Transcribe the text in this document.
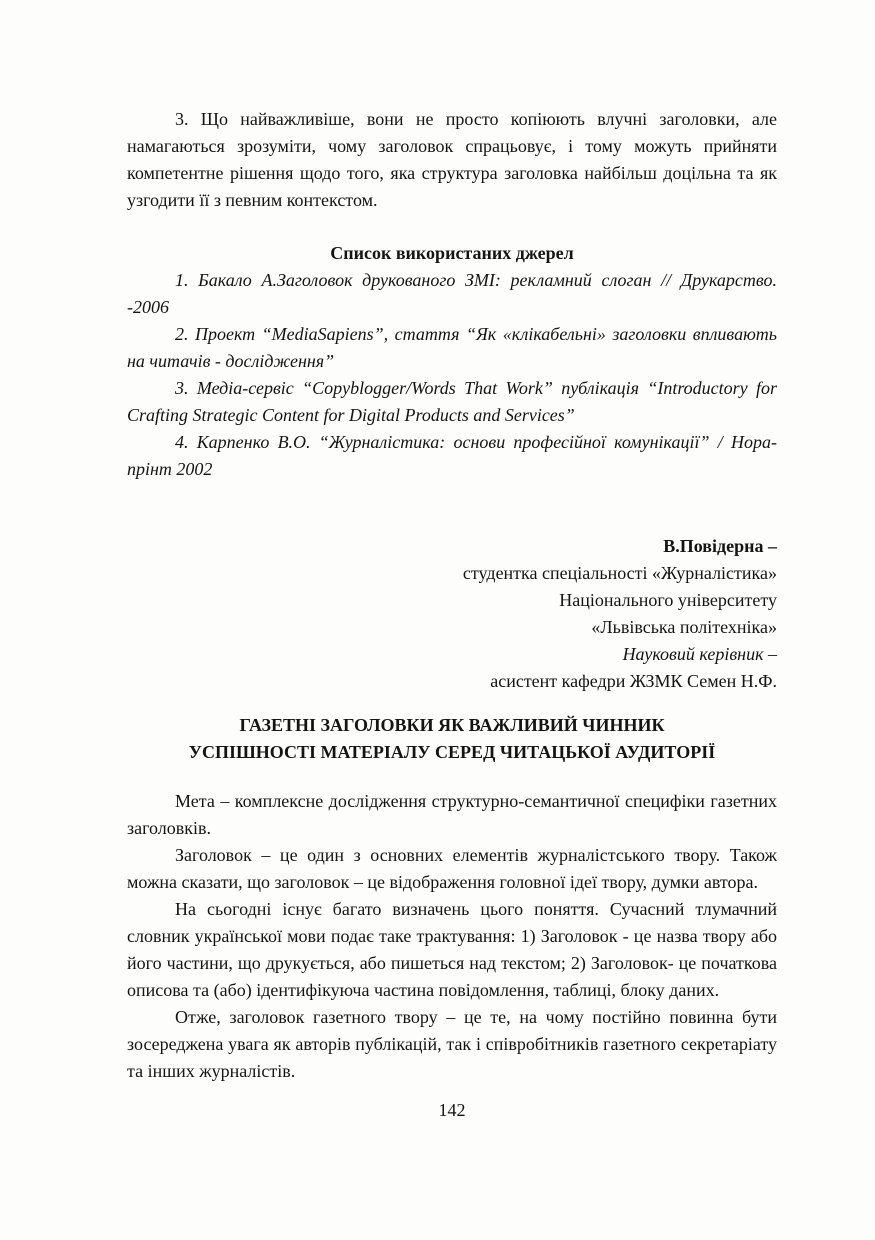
3. Що найважливіше, вони не просто копіюють влучні заголовки, але намагаються зрозуміти, чому заголовок спрацьовує, і тому можуть прийняти компетентне рішення щодо того, яка структура заголовка найбільш доцільна та як узгодити її з певним контекстом.

Список використаних джерел

1. Бакало А.Заголовок друкованого ЗМІ: рекламний слоган // Друкарство. -2006

2. Проект “MediaSapiens”, стаття “Як «клікабельні» заголовки впливають на читачів - дослідження”

3. Медіа-сервіс “Copyblogger/Words That Work” публікація “Introductory for Crafting Strategic Content for Digital Products and Services”

4. Карпенко В.О. “Журналістика: основи професійної комунікації” / Нора- прінт 2002

В.Повідерна –
студентка спеціальності «Журналістика»
Національного університету
«Львівська політехніка»
Науковий керівник –
асистент кафедри ЖЗМК Семен Н.Ф.
ГАЗЕТНІ ЗАГОЛОВКИ ЯК ВАЖЛИВИЙ ЧИННИК
УСПІШНОСТІ МАТЕРІАЛУ СЕРЕД ЧИТАЦЬКОЇ АУДИТОРІЇ

Мета – комплексне дослідження структурно-семантичної специфіки газетних заголовків.

Заголовок – це один з основних елементів журналістського твору. Також можна сказати, що заголовок – це відображення головної ідеї твору, думки автора.

На сьогодні існує багато визначень цього поняття. Сучасний тлумачний словник української мови подає таке трактування: 1) Заголовок - це назва твору або його частини, що друкується, або пишеться над текстом; 2) Заголовок- це початкова описова та (або) ідентифікуюча частина повідомлення, таблиці, блоку даних.

Отже, заголовок газетного твору – це те, на чому постійно повинна бути зосереджена увага як авторів публікацій, так і співробітників газетного секретаріату та інших журналістів.

142
